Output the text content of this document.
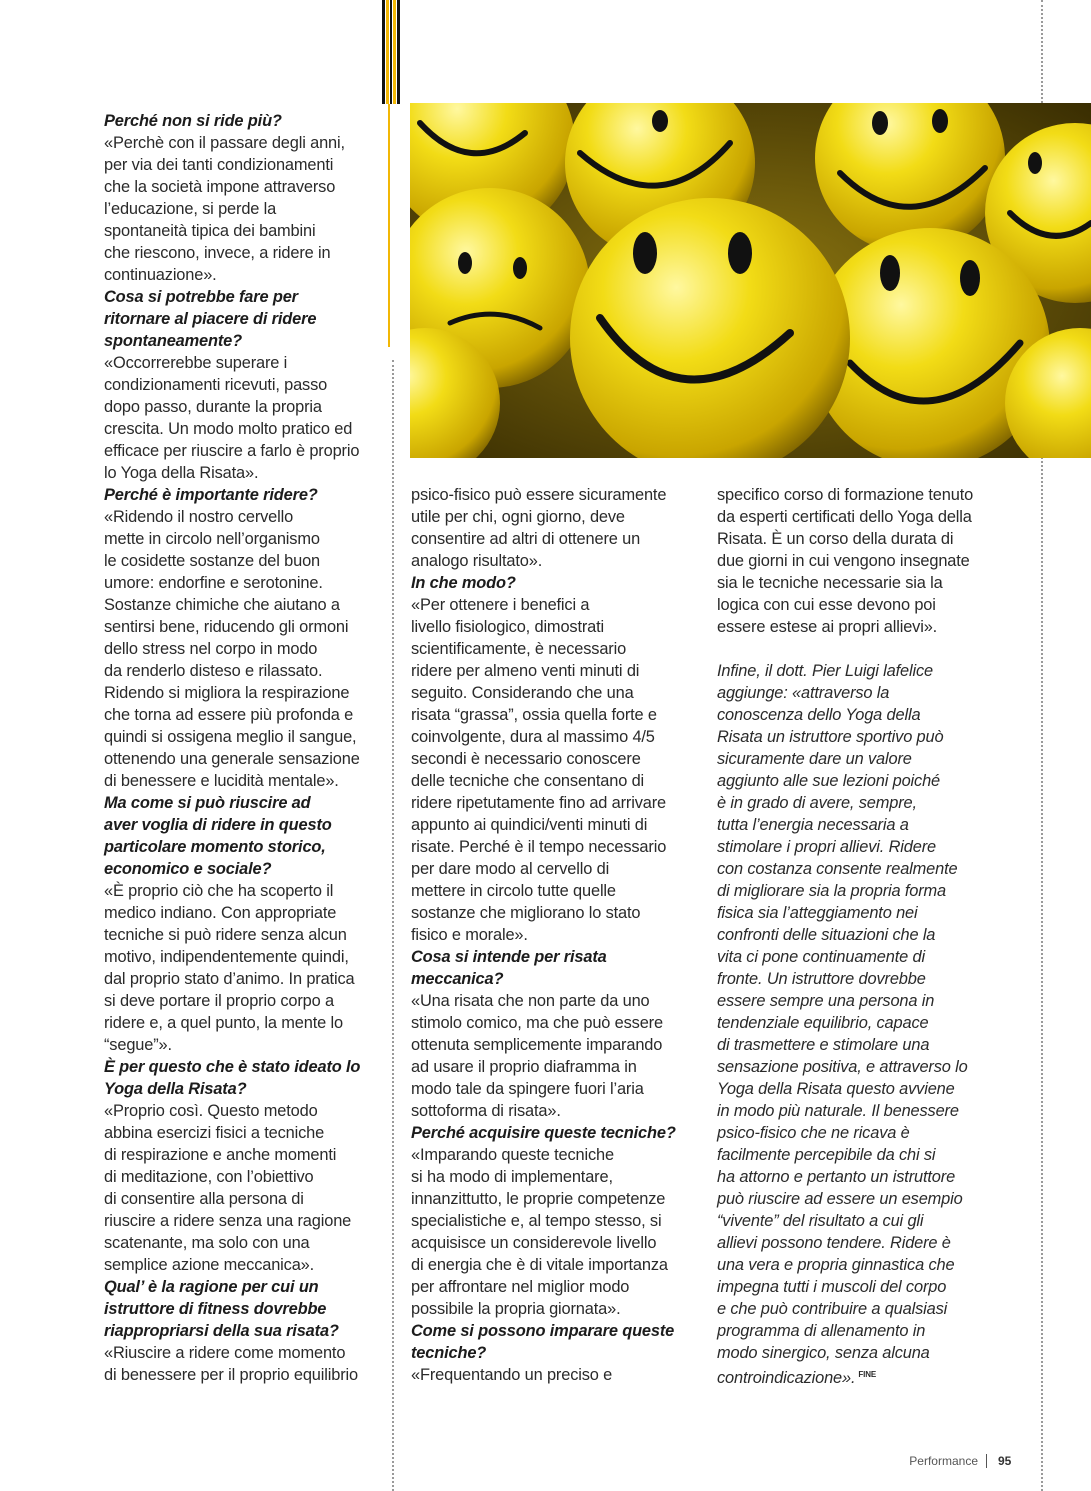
Perché non si ride più?

«Perchè con il passare degli anni,
per via dei tanti condizionamenti
che la società impone attraverso
l’educazione, si perde la
spontaneità tipica dei bambini
che riescono, invece, a ridere in
continuazione».

Cosa si potrebbe fare per
ritornare al piacere di ridere
spontaneamente?

«Occorrerebbe superare i
condizionamenti ricevuti, passo
dopo passo, durante la propria
crescita. Un modo molto pratico ed
efficace per riuscire a farlo è proprio
lo Yoga della Risata».

Perché è importante ridere?

«Ridendo il nostro cervello
mette in circolo nell’organismo
le cosidette sostanze del buon
umore: endorfine e serotonine.
Sostanze chimiche che aiutano a
sentirsi bene, riducendo gli ormoni
dello stress nel corpo in modo
da renderlo disteso e rilassato.
Ridendo si migliora la respirazione
che torna ad essere più profonda e
quindi si ossigena meglio il sangue,
ottenendo una generale sensazione
di benessere e lucidità mentale».

Ma come si può riuscire ad
aver voglia di ridere in questo
particolare momento storico,
economico e sociale?

«È proprio ciò che ha scoperto il
medico indiano. Con appropriate
tecniche si può ridere senza alcun
motivo, indipendentemente quindi,
dal proprio stato d’animo. In pratica
si deve portare il proprio corpo a
ridere e, a quel punto, la mente lo
“segue”».

È per questo che è stato ideato lo
Yoga della Risata?

«Proprio così. Questo metodo
abbina esercizi fisici a tecniche
di respirazione e anche momenti
di meditazione, con l’obiettivo
di consentire alla persona di
riuscire a ridere senza una ragione
scatenante, ma solo con una
semplice azione meccanica».

Qual’ è la ragione per cui un
istruttore di fitness dovrebbe
riappropriarsi della sua risata?

«Riuscire a ridere come momento
di benessere per il proprio equilibrio

psico-fisico può essere sicuramente
utile per chi, ogni giorno, deve
consentire ad altri di ottenere un
analogo risultato».

In che modo?

«Per ottenere i benefici a
livello fisiologico, dimostrati
scientificamente, è necessario
ridere per almeno venti minuti di
seguito. Considerando che una
risata “grassa”, ossia quella forte e
coinvolgente, dura al massimo 4/5
secondi è necessario conoscere
delle tecniche che consentano di
ridere ripetutamente fino ad arrivare
appunto ai quindici/venti minuti di
risate. Perché è il tempo necessario
per dare modo al cervello di
mettere in circolo tutte quelle
sostanze che migliorano lo stato
fisico e morale».

Cosa si intende per risata
meccanica?

«Una risata che non parte da uno
stimolo comico, ma che può essere
ottenuta semplicemente imparando
ad usare il proprio diaframma in
modo tale da spingere fuori l’aria
sottoforma di risata».

Perché acquisire queste tecniche?

«Imparando queste tecniche
si ha modo di implementare,
innanzittutto, le proprie competenze
specialistiche e, al tempo stesso, si
acquisisce un considerevole livello
di energia che è di vitale importanza
per affrontare nel miglior modo
possibile la propria giornata».

Come si possono imparare queste
tecniche?

«Frequentando un preciso e

specifico corso di formazione tenuto
da esperti certificati dello Yoga della
Risata. È un corso della durata di
due giorni in cui vengono insegnate
sia le tecniche necessarie sia la
logica con cui esse devono poi
essere estese ai propri allievi».

Infine, il dott. Pier Luigi lafelice
aggiunge: «attraverso la
conoscenza dello Yoga della
Risata un istruttore sportivo può
sicuramente dare un valore
aggiunto alle sue lezioni poiché
è in grado di avere, sempre,
tutta l’energia necessaria a
stimolare i propri allievi. Ridere
con costanza consente realmente
di migliorare sia la propria forma
fisica sia l’atteggiamento nei
confronti delle situazioni che la
vita ci pone continuamente di
fronte. Un istruttore dovrebbe
essere sempre una persona in
tendenziale equilibrio, capace
di trasmettere e stimolare una
sensazione positiva, e attraverso lo
Yoga della Risata questo avviene
in modo più naturale. Il benessere
psico-fisico che ne ricava è
facilmente percepibile da chi si
ha attorno e pertanto un istruttore
può riuscire ad essere un esempio
“vivente” del risultato a cui gli
allievi possono tendere. Ridere è
una vera e propria ginnastica che
impegna tutti i muscoli del corpo
e che può contribuire a qualsiasi
programma di allenamento in
modo sinergico, senza alcuna
controindicazione». $^{FINE}$

Performance 95
